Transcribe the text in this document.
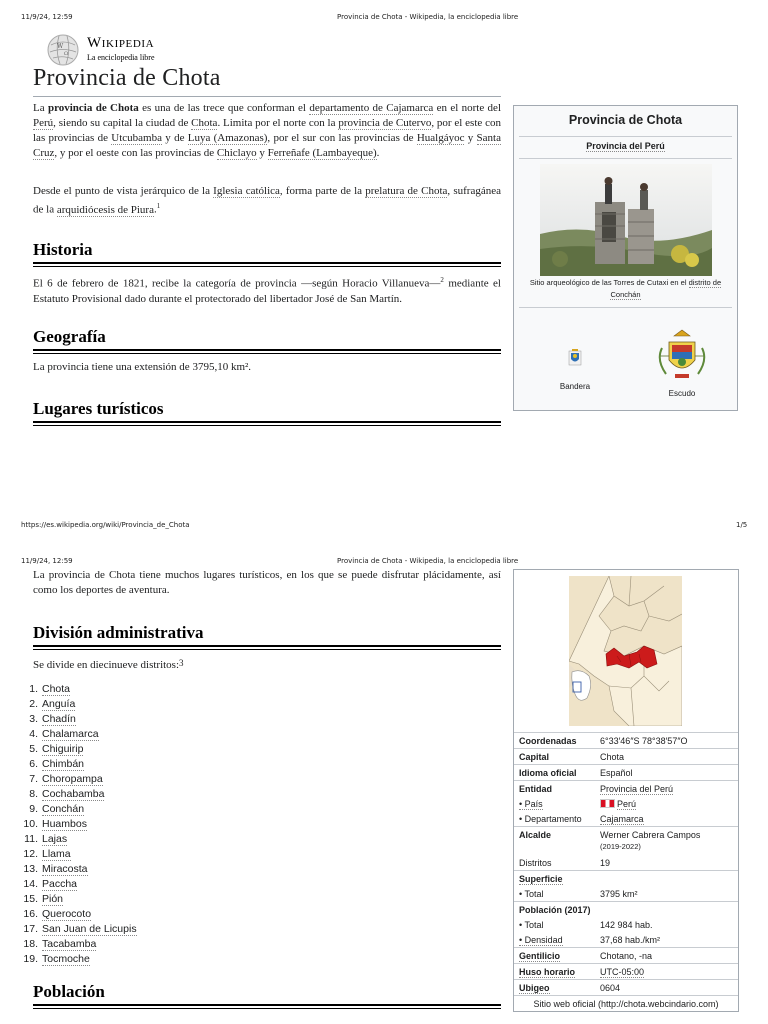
11/9/24, 12:59	Provincia de Chota - Wikipedia, la enciclopedia libre
W
Ω
Wikipedia
La enciclopedia libre
Provincia de Chota
La provincia de Chota es una de las trece que conforman el departamento de Cajamarca en el norte del Perú, siendo su capital la ciudad de Chota. Limita por el norte con la provincia de Cutervo, por el este con las provincias de Utcubamba y de Luya (Amazonas), por el sur con las provincias de Hualgáyoc y Santa Cruz, y por el oeste con las provincias de Chiclayo y Ferreñafe (Lambayeque).
Desde el punto de vista jerárquico de la Iglesia católica, forma parte de la prelatura de Chota, sufragánea de la arquidiócesis de Piura.$^1$
Historia
El 6 de febrero de 1821, recibe la categoría de provincia —según Horacio Villanueva—$^2$ mediante el Estatuto Provisional dado durante el protectorado del libertador José de San Martín.
Geografía
La provincia tiene una extensión de 3795,10 km².
Lugares turísticos
Provincia de Chota
Provincia del Perú
Sitio arqueológico de las Torres de Cutaxi en el distrito de Conchán
Bandera
Escudo
https://es.wikipedia.org/wiki/Provincia_de_Chota	1/5
11/9/24, 12:59	Provincia de Chota - Wikipedia, la enciclopedia libre
La provincia de Chota tiene muchos lugares turísticos, en los que se puede disfrutar plácidamente, así como los deportes de aventura.
División administrativa
Se divide en diecinueve distritos:3
1. Chota
2. Anguía
3. Chadín
4. Chalamarca
5. Chiguirip
6. Chimbán
7. Choropampa
8. Cochabamba
9. Conchán
10. Huambos
11. Lajas
12. Llama
13. Miracosta
14. Paccha
15. Pión
16. Querocoto
17. San Juan de Licupis
18. Tacabamba
19. Tocmoche
Población
Coordenadas	6°33′46″S 78°38′57″O
Capital	Chota
Idioma oficial	Español
Entidad	Provincia del Perú
• País	Perú
• Departamento	Cajamarca
Alcalde	Werner Cabrera Campos
(2019-2022)
Distritos	19
Superficie
• Total	3795 km²
Población (2017)
• Total	142 984 hab.
• Densidad	37,68 hab./km²
Gentilicio	Chotano, -na
Huso horario	UTC-05:00
Ubigeo	0604
Sitio web oficial (http://chota.webcindario.com)
